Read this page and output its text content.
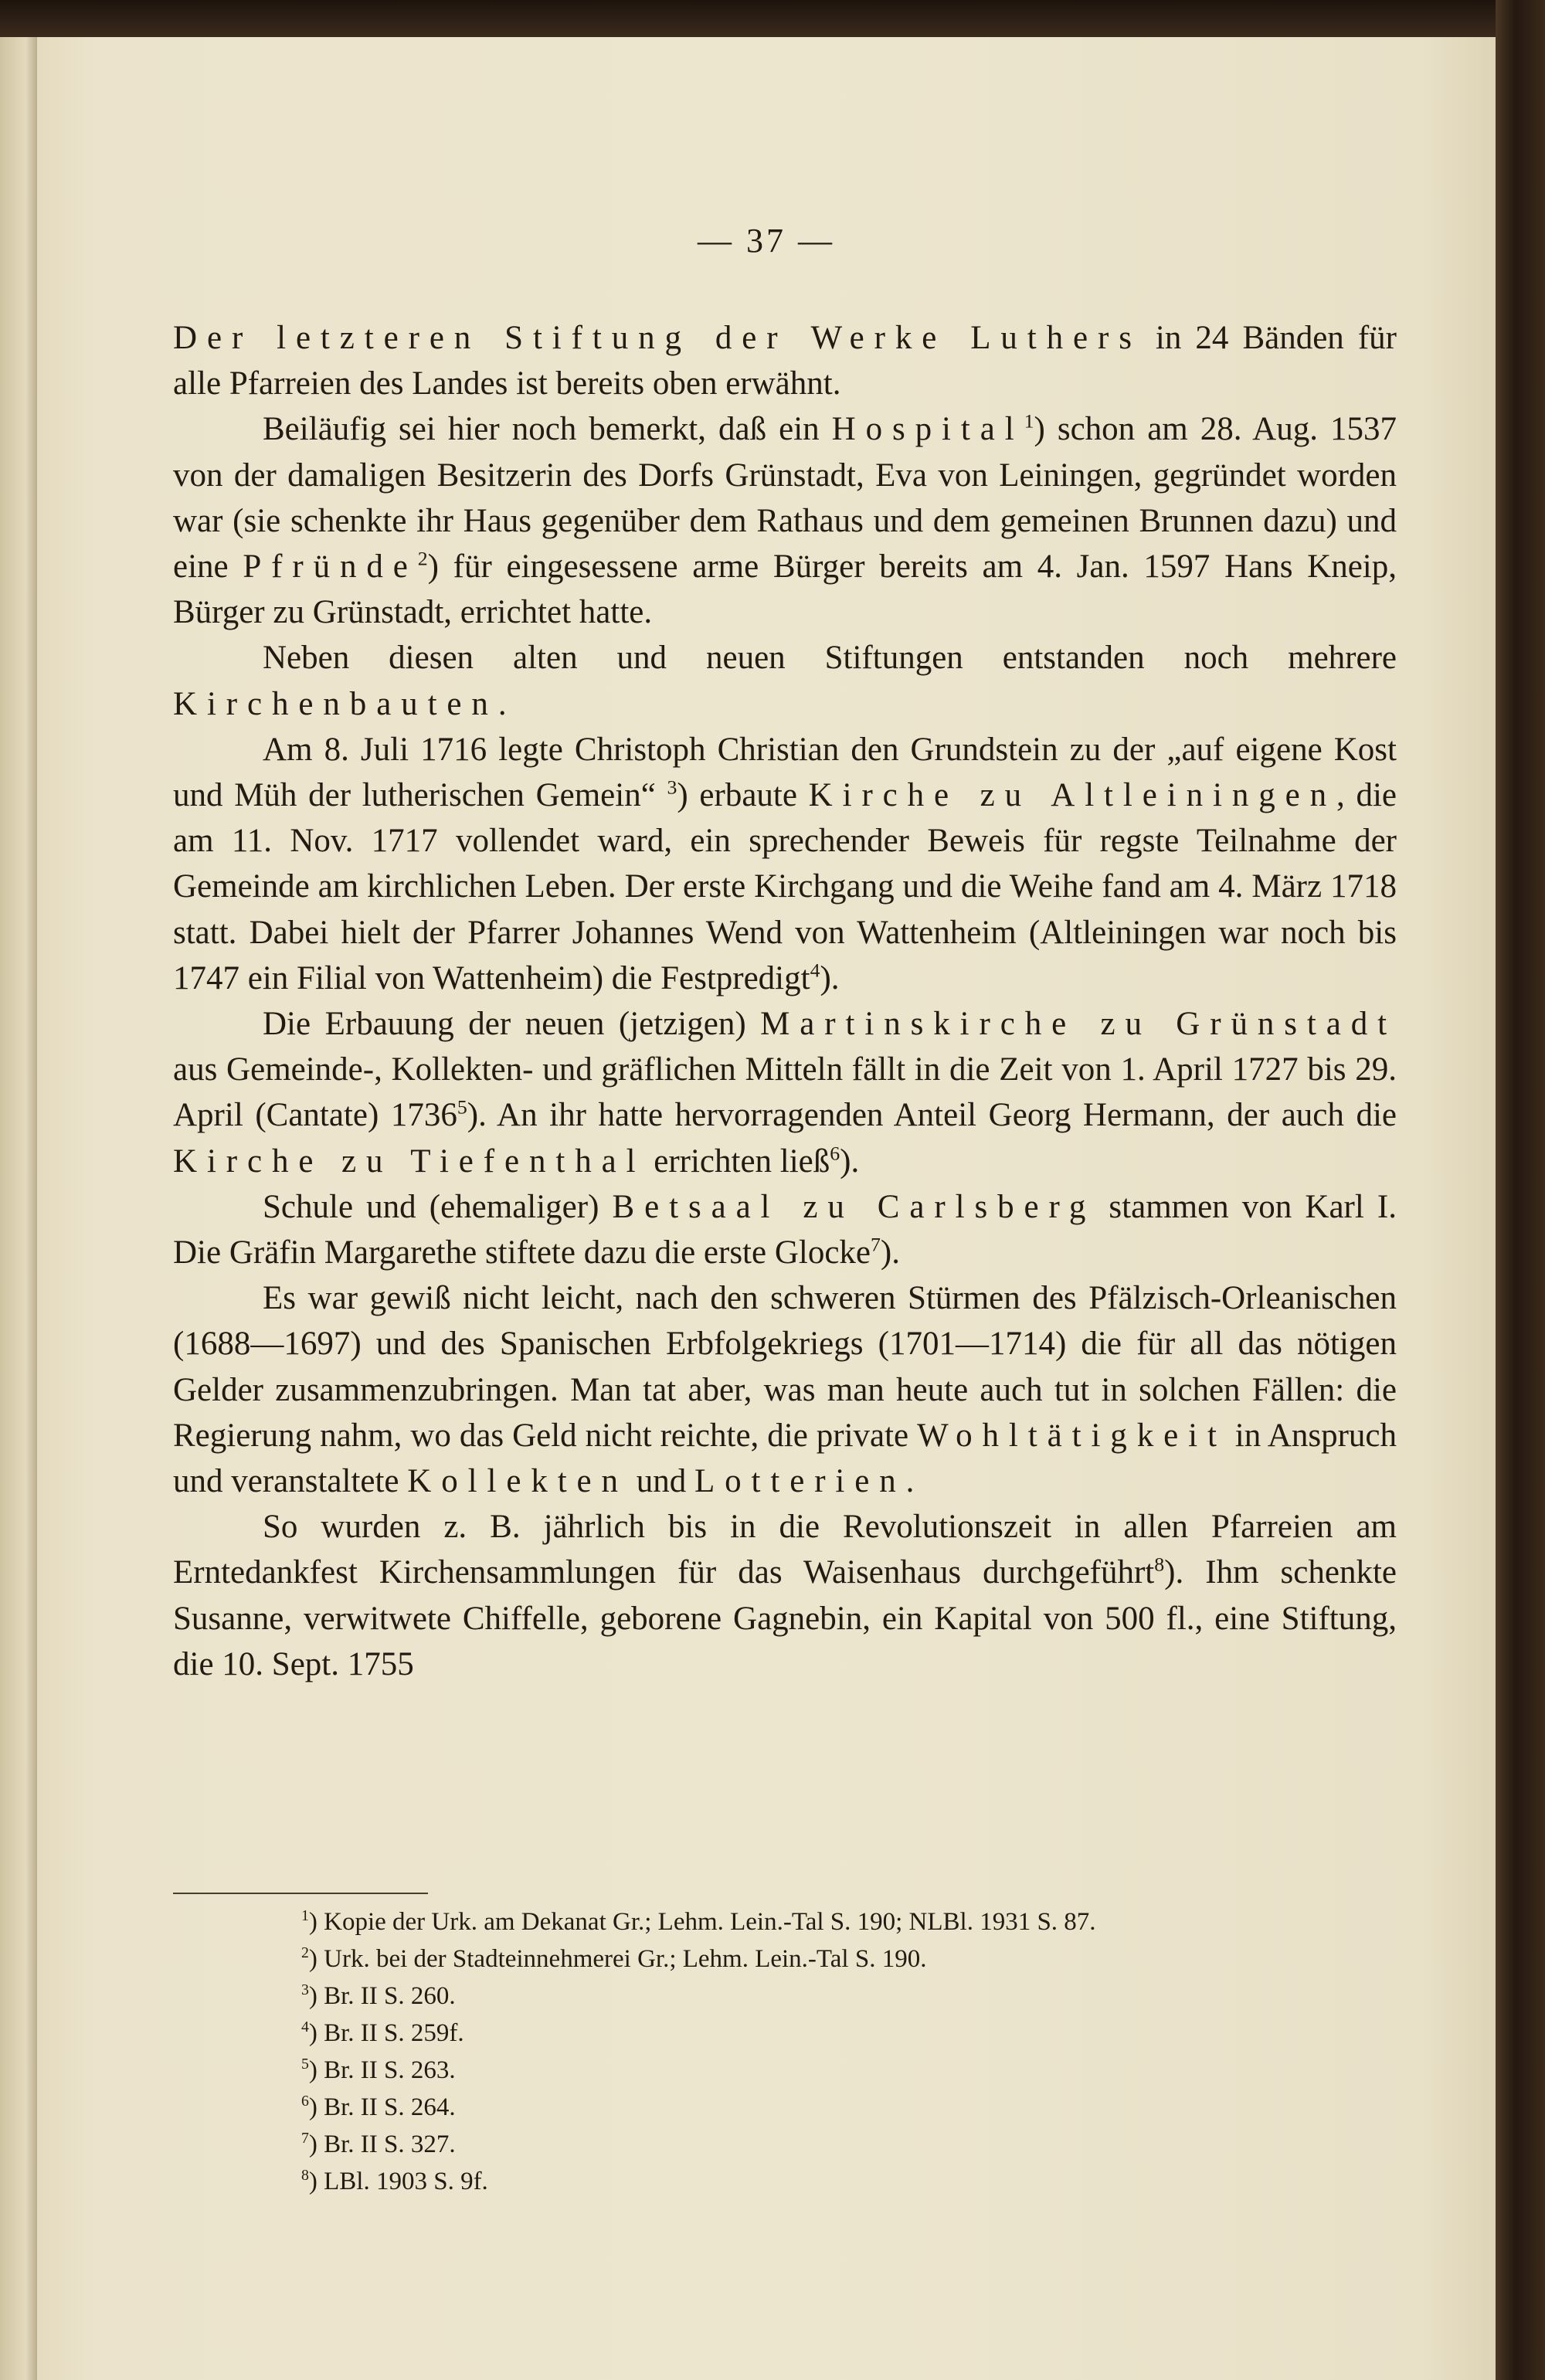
— 37 —

Der letzteren Stiftung der Werke Luthers in 24 Bänden für alle Pfarreien des Landes ist bereits oben erwähnt.

Beiläufig sei hier noch bemerkt, daß ein Hospital$^1$) schon am 28. Aug. 1537 von der damaligen Besitzerin des Dorfs Grünstadt, Eva von Leiningen, gegründet worden war (sie schenkte ihr Haus gegenüber dem Rathaus und dem gemeinen Brunnen dazu) und eine Pfründe$^2$) für eingesessene arme Bürger bereits am 4. Jan. 1597 Hans Kneip, Bürger zu Grünstadt, errichtet hatte.

Neben diesen alten und neuen Stiftungen entstanden noch mehrere Kirchenbauten.

Am 8. Juli 1716 legte Christoph Christian den Grundstein zu der „auf eigene Kost und Müh der lutherischen Gemein“ $^3$) erbaute Kirche zu Altleiningen, die am 11. Nov. 1717 vollendet ward, ein sprechender Beweis für regste Teilnahme der Gemeinde am kirchlichen Leben. Der erste Kirchgang und die Weihe fand am 4. März 1718 statt. Dabei hielt der Pfarrer Johannes Wend von Wattenheim (Altleiningen war noch bis 1747 ein Filial von Wattenheim) die Festpredigt$^4$).

Die Erbauung der neuen (jetzigen) Martinskirche zu Grünstadt aus Gemeinde-, Kollekten- und gräflichen Mitteln fällt in die Zeit von 1. April 1727 bis 29. April (Cantate) 1736$^5$). An ihr hatte hervorragenden Anteil Georg Hermann, der auch die Kirche zu Tiefenthal errichten ließ$^6$).

Schule und (ehemaliger) Betsaal zu Carlsberg stammen von Karl I. Die Gräfin Margarethe stiftete dazu die erste Glocke$^7$).

Es war gewiß nicht leicht, nach den schweren Stürmen des Pfälzisch-Orleanischen (1688—1697) und des Spanischen Erbfolgekriegs (1701—1714) die für all das nötigen Gelder zusammenzubringen. Man tat aber, was man heute auch tut in solchen Fällen: die Regierung nahm, wo das Geld nicht reichte, die private Wohltätigkeit in Anspruch und veranstaltete Kollekten und Lotterien.

So wurden z. B. jährlich bis in die Revolutionszeit in allen Pfarreien am Erntedankfest Kirchensammlungen für das Waisenhaus durchgeführt$^8$). Ihm schenkte Susanne, verwitwete Chiffelle, geborene Gagnebin, ein Kapital von 500 fl., eine Stiftung, die 10. Sept. 1755

$^1$) Kopie der Urk. am Dekanat Gr.; Lehm. Lein.-Tal S. 190; NLBl. 1931 S. 87.
$^2$) Urk. bei der Stadteinnehmerei Gr.; Lehm. Lein.-Tal S. 190.
$^3$) Br. II S. 260.
$^4$) Br. II S. 259f.
$^5$) Br. II S. 263.
$^6$) Br. II S. 264.
$^7$) Br. II S. 327.
$^8$) LBl. 1903 S. 9f.
